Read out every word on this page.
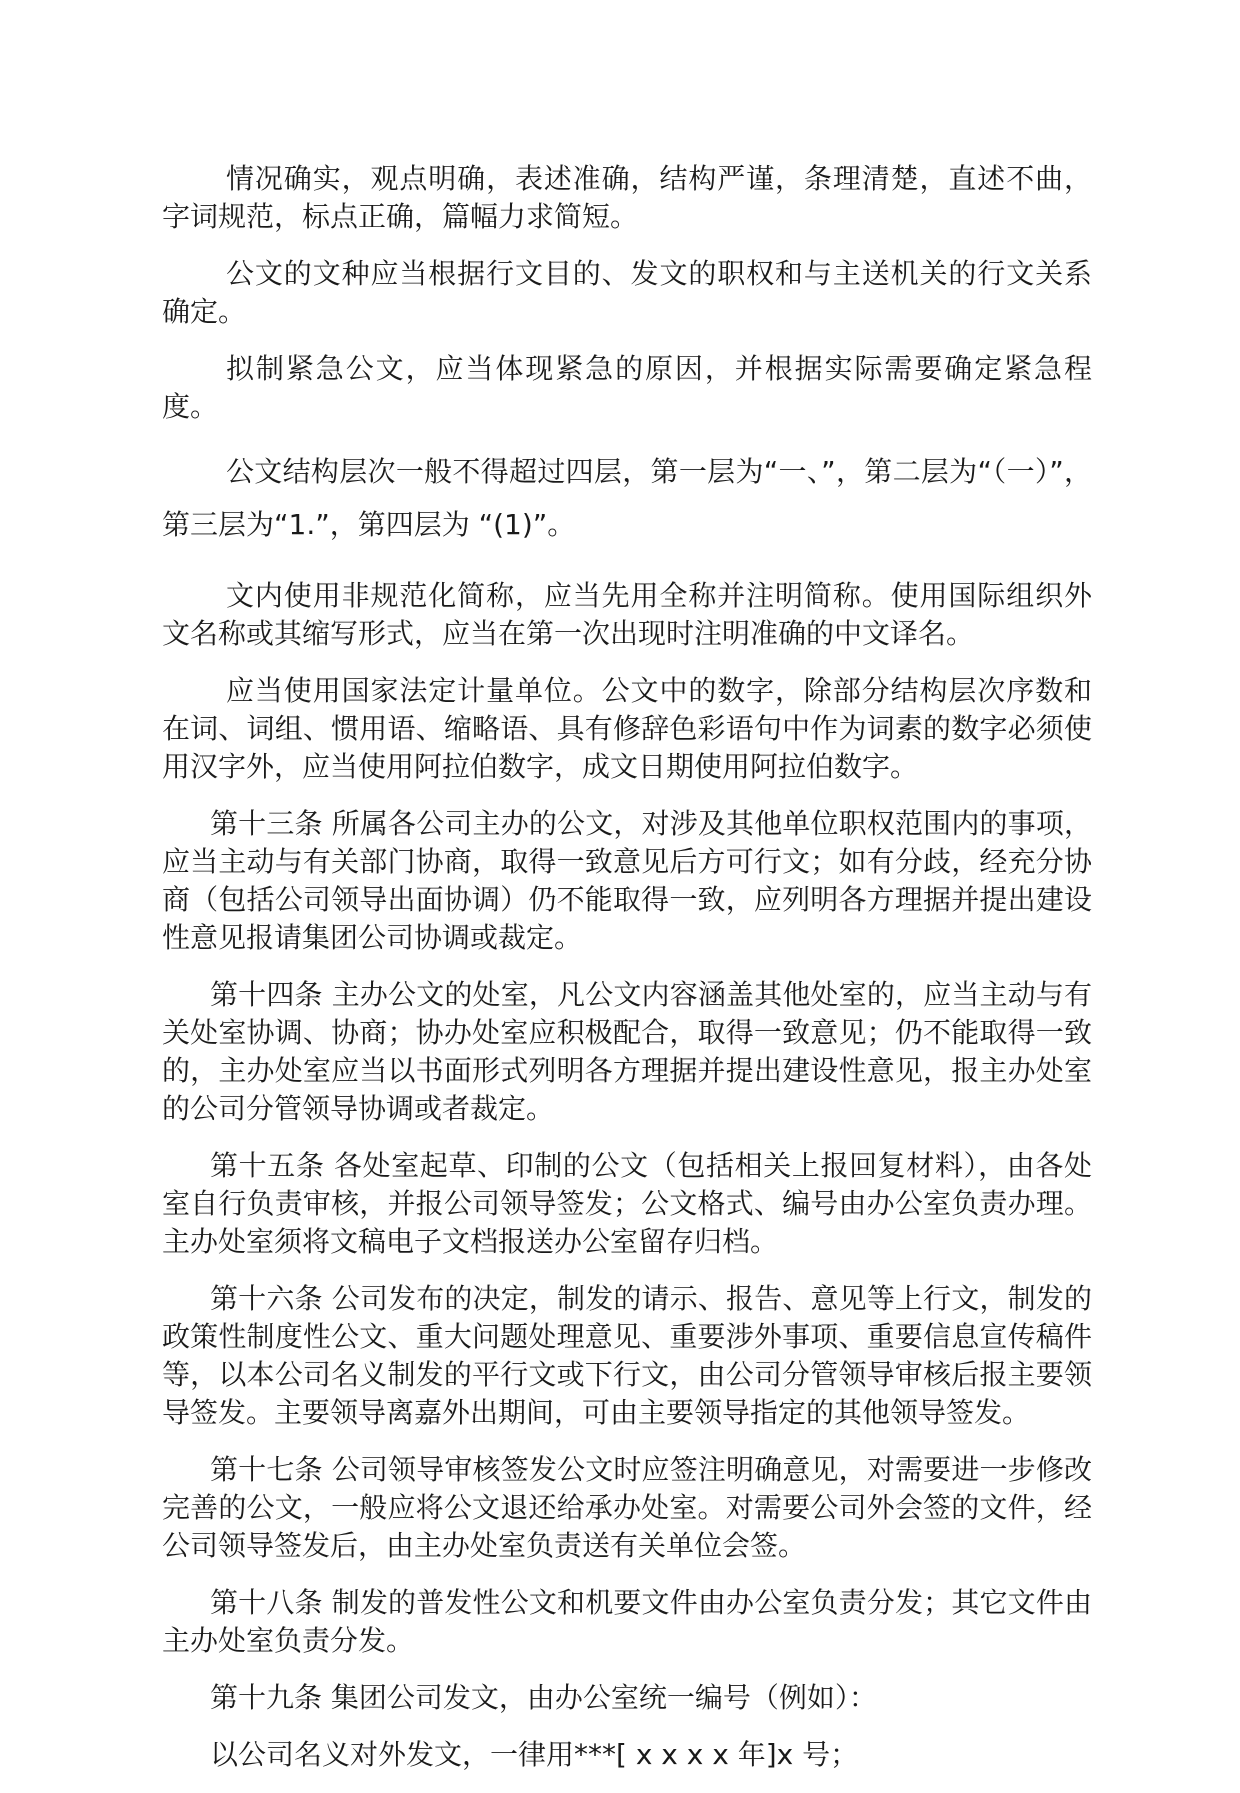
情况确实，观点明确，表述准确，结构严谨，条理清楚，直述不曲，字词规范，标点正确，篇幅力求简短。

公文的文种应当根据行文目的、发文的职权和与主送机关的行文关系确定。

拟制紧急公文，应当体现紧急的原因，并根据实际需要确定紧急程度。

公文结构层次一般不得超过四层，第一层为“一、”，第二层为“（一）”，第三层为“1.”，第四层为 “(1)”。

文内使用非规范化简称，应当先用全称并注明简称。使用国际组织外文名称或其缩写形式，应当在第一次出现时注明准确的中文译名。

应当使用国家法定计量单位。公文中的数字，除部分结构层次序数和在词、词组、惯用语、缩略语、具有修辞色彩语句中作为词素的数字必须使用汉字外，应当使用阿拉伯数字，成文日期使用阿拉伯数字。

第十三条 所属各公司主办的公文，对涉及其他单位职权范围内的事项，应当主动与有关部门协商，取得一致意见后方可行文；如有分歧，经充分协商（包括公司领导出面协调）仍不能取得一致，应列明各方理据并提出建设性意见报请集团公司协调或裁定。

第十四条 主办公文的处室，凡公文内容涵盖其他处室的，应当主动与有关处室协调、协商；协办处室应积极配合，取得一致意见；仍不能取得一致的，主办处室应当以书面形式列明各方理据并提出建设性意见，报主办处室的公司分管领导协调或者裁定。

第十五条 各处室起草、印制的公文（包括相关上报回复材料），由各处室自行负责审核，并报公司领导签发；公文格式、编号由办公室负责办理。主办处室须将文稿电子文档报送办公室留存归档。

第十六条 公司发布的决定，制发的请示、报告、意见等上行文，制发的政策性制度性公文、重大问题处理意见、重要涉外事项、重要信息宣传稿件等，以本公司名义制发的平行文或下行文，由公司分管领导审核后报主要领导签发。主要领导离嘉外出期间，可由主要领导指定的其他领导签发。

第十七条 公司领导审核签发公文时应签注明确意见，对需要进一步修改完善的公文，一般应将公文退还给承办处室。对需要公司外会签的文件，经公司领导签发后，由主办处室负责送有关单位会签。

第十八条 制发的普发性公文和机要文件由办公室负责分发；其它文件由主办处室负责分发。

第十九条 集团公司发文，由办公室统一编号（例如）：

以公司名义对外发文，一律用***[ x x x x 年]x 号；
